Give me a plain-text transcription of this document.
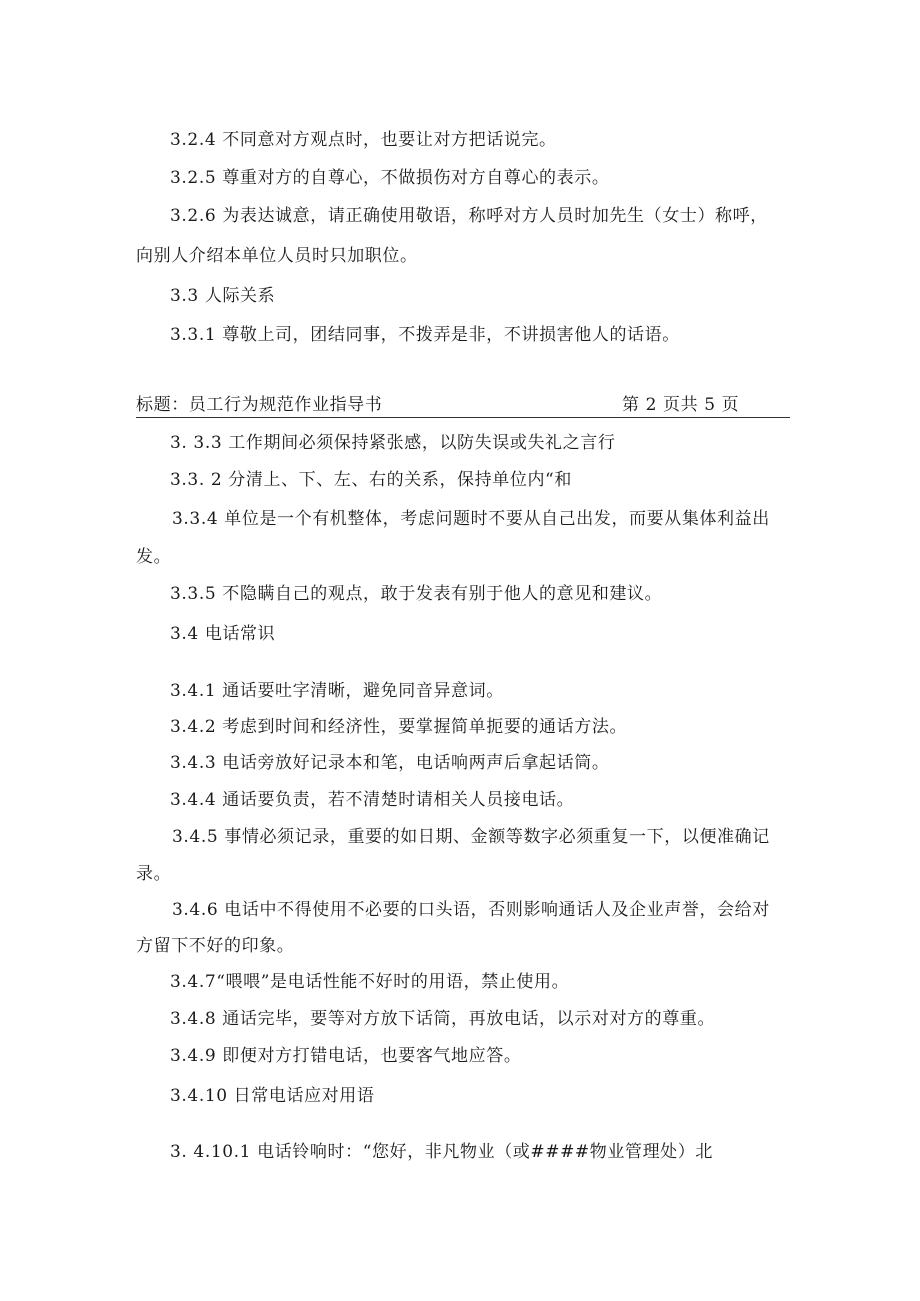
3.2.4 不同意对方观点时，也要让对方把话说完。
3.2.5 尊重对方的自尊心，不做损伤对方自尊心的表示。
3.2.6 为表达诚意，请正确使用敬语，称呼对方人员时加先生（女士）称呼，
向别人介绍本单位人员时只加职位。
3.3 人际关系
3.3.1 尊敬上司，团结同事，不拨弄是非，不讲损害他人的话语。
标题：员工行为规范作业指导书	第 2 页共 5 页
3. 3.3 工作期间必须保持紧张感，以防失误或失礼之言行
3.3. 2 分清上、下、左、右的关系，保持单位内“和
3.3.4 单位是一个有机整体，考虑问题时不要从自己出发，而要从集体利益出
发。
3.3.5 不隐瞒自己的观点，敢于发表有别于他人的意见和建议。
3.4 电话常识
3.4.1 通话要吐字清晰，避免同音异意词。
3.4.2 考虑到时间和经济性，要掌握简单扼要的通话方法。
3.4.3 电话旁放好记录本和笔，电话响两声后拿起话筒。
3.4.4 通话要负责，若不清楚时请相关人员接电话。
3.4.5 事情必须记录，重要的如日期、金额等数字必须重复一下，以便准确记
录。
3.4.6 电话中不得使用不必要的口头语，否则影响通话人及企业声誉，会给对
方留下不好的印象。
3.4.7“喂喂”是电话性能不好时的用语，禁止使用。
3.4.8 通话完毕，要等对方放下话筒，再放电话，以示对对方的尊重。
3.4.9 即便对方打错电话，也要客气地应答。
3.4.10 日常电话应对用语
3. 4.10.1 电话铃响时：“您好，非凡物业（或####物业管理处）北
